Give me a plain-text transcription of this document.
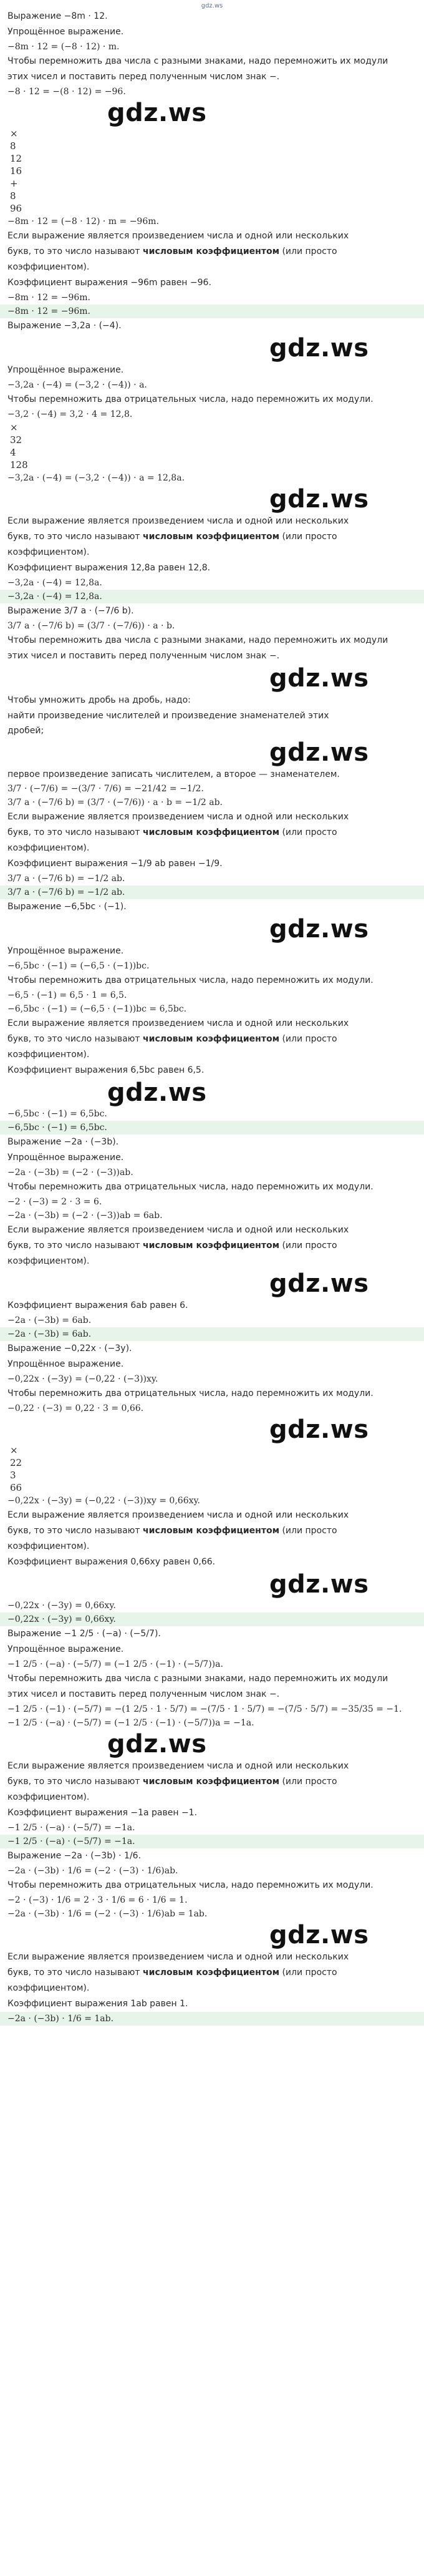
gdz.ws
Выражение −8m · 12.
Упрощённое выражение.
−8m · 12 = (−8 · 12) · m.
Чтобы перемножить два числа с разными знаками, надо перемножить их модули
этих чисел и поставить перед полученным числом знак −.
−8 · 12 = −(8 · 12) = −96.
gdz.ws
×
8
12
16
+
8
96
−8m · 12 = (−8 · 12) · m = −96m.
Если выражение является произведением числа и одной или нескольких
букв, то это число называют числовым коэффициентом (или просто
коэффициентом).
Коэффициент выражения −96m равен −96.
−8m · 12 = −96m.
−8m · 12 = −96m.
Выражение −3,2a · (−4).
gdz.ws
Упрощённое выражение.
−3,2a · (−4) = (−3,2 · (−4)) · a.
Чтобы перемножить два отрицательных числа, надо перемножить их модули.
−3,2 · (−4) = 3,2 · 4 = 12,8.
×
32
4
128
−3,2a · (−4) = (−3,2 · (−4)) · a = 12,8a.
gdz.ws
Если выражение является произведением числа и одной или нескольких
букв, то это число называют числовым коэффициентом (или просто
коэффициентом).
Коэффициент выражения 12,8a равен 12,8.
−3,2a · (−4) = 12,8a.
−3,2a · (−4) = 12,8a.
Выражение 3/7 a · (−7/6 b).
3/7 a · (−7/6 b) = (3/7 · (−7/6)) · a · b.
Чтобы перемножить два числа с разными знаками, надо перемножить их модули
этих чисел и поставить перед полученным числом знак −.
gdz.ws
Чтобы умножить дробь на дробь, надо:
найти произведение числителей и произведение знаменателей этих
дробей;
gdz.ws
первое произведение записать числителем, а второе — знаменателем.
3/7 · (−7/6) = −(3/7 · 7/6) = −21/42 = −1/2.
3/7 a · (−7/6 b) = (3/7 · (−7/6)) · a · b = −1/2 ab.
Если выражение является произведением числа и одной или нескольких
букв, то это число называют числовым коэффициентом (или просто
коэффициентом).
Коэффициент выражения −1/9 ab равен −1/9.
3/7 a · (−7/6 b) = −1/2 ab.
3/7 a · (−7/6 b) = −1/2 ab.
Выражение −6,5bc · (−1).
gdz.ws
Упрощённое выражение.
−6,5bc · (−1) = (−6,5 · (−1))bc.
Чтобы перемножить два отрицательных числа, надо перемножить их модули.
−6,5 · (−1) = 6,5 · 1 = 6,5.
−6,5bc · (−1) = (−6,5 · (−1))bc = 6,5bc.
Если выражение является произведением числа и одной или нескольких
букв, то это число называют числовым коэффициентом (или просто
коэффициентом).
Коэффициент выражения 6,5bc равен 6,5.
gdz.ws
−6,5bc · (−1) = 6,5bc.
−6,5bc · (−1) = 6,5bc.
Выражение −2a · (−3b).
Упрощённое выражение.
−2a · (−3b) = (−2 · (−3))ab.
Чтобы перемножить два отрицательных числа, надо перемножить их модули.
−2 · (−3) = 2 · 3 = 6.
−2a · (−3b) = (−2 · (−3))ab = 6ab.
Если выражение является произведением числа и одной или нескольких
букв, то это число называют числовым коэффициентом (или просто
коэффициентом).
gdz.ws
Коэффициент выражения 6ab равен 6.
−2a · (−3b) = 6ab.
−2a · (−3b) = 6ab.
Выражение −0,22x · (−3y).
Упрощённое выражение.
−0,22x · (−3y) = (−0,22 · (−3))xy.
Чтобы перемножить два отрицательных числа, надо перемножить их модули.
−0,22 · (−3) = 0,22 · 3 = 0,66.
gdz.ws
×
22
3
66
−0,22x · (−3y) = (−0,22 · (−3))xy = 0,66xy.
Если выражение является произведением числа и одной или нескольких
букв, то это число называют числовым коэффициентом (или просто
коэффициентом).
Коэффициент выражения 0,66xy равен 0,66.
gdz.ws
−0,22x · (−3y) = 0,66xy.
−0,22x · (−3y) = 0,66xy.
Выражение −1 2/5 · (−a) · (−5/7).
Упрощённое выражение.
−1 2/5 · (−a) · (−5/7) = (−1 2/5 · (−1) · (−5/7))a.
Чтобы перемножить два числа с разными знаками, надо перемножить их модули
этих чисел и поставить перед полученным числом знак −.
−1 2/5 · (−1) · (−5/7) = −(1 2/5 · 1 · 5/7) = −(7/5 · 1 · 5/7) = −(7/5 · 5/7) = −35/35 = −1.
−1 2/5 · (−a) · (−5/7) = (−1 2/5 · (−1) · (−5/7))a = −1a.
gdz.ws
Если выражение является произведением числа и одной или нескольких
букв, то это число называют числовым коэффициентом (или просто
коэффициентом).
Коэффициент выражения −1a равен −1.
−1 2/5 · (−a) · (−5/7) = −1a.
−1 2/5 · (−a) · (−5/7) = −1a.
Выражение −2a · (−3b) · 1/6.
−2a · (−3b) · 1/6 = (−2 · (−3) · 1/6)ab.
Чтобы перемножить два отрицательных числа, надо перемножить их модули.
−2 · (−3) · 1/6 = 2 · 3 · 1/6 = 6 · 1/6 = 1.
−2a · (−3b) · 1/6 = (−2 · (−3) · 1/6)ab = 1ab.
gdz.ws
Если выражение является произведением числа и одной или нескольких
букв, то это число называют числовым коэффициентом (или просто
коэффициентом).
Коэффициент выражения 1ab равен 1.
−2a · (−3b) · 1/6 = 1ab.
